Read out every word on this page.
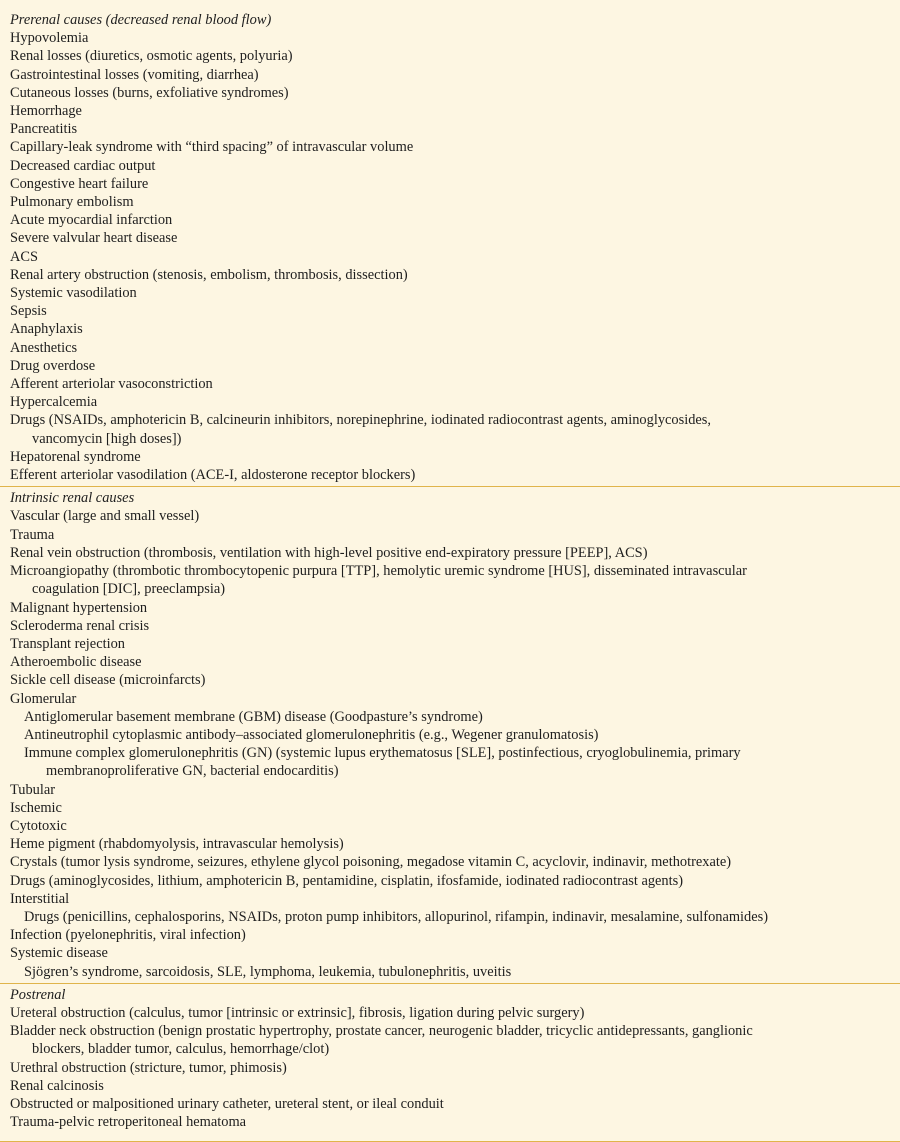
Prerenal causes (decreased renal blood flow)
Hypovolemia
Renal losses (diuretics, osmotic agents, polyuria)
Gastrointestinal losses (vomiting, diarrhea)
Cutaneous losses (burns, exfoliative syndromes)
Hemorrhage
Pancreatitis
Capillary-leak syndrome with “third spacing” of intravascular volume
Decreased cardiac output
Congestive heart failure
Pulmonary embolism
Acute myocardial infarction
Severe valvular heart disease
ACS
Renal artery obstruction (stenosis, embolism, thrombosis, dissection)
Systemic vasodilation
Sepsis
Anaphylaxis
Anesthetics
Drug overdose
Afferent arteriolar vasoconstriction
Hypercalcemia
Drugs (NSAIDs, amphotericin B, calcineurin inhibitors, norepinephrine, iodinated radiocontrast agents, aminoglycosides,
vancomycin [high doses])
Hepatorenal syndrome
Efferent arteriolar vasodilation (ACE-I, aldosterone receptor blockers)
Intrinsic renal causes
Vascular (large and small vessel)
Trauma
Renal vein obstruction (thrombosis, ventilation with high-level positive end-expiratory pressure [PEEP], ACS)
Microangiopathy (thrombotic thrombocytopenic purpura [TTP], hemolytic uremic syndrome [HUS], disseminated intravascular
coagulation [DIC], preeclampsia)
Malignant hypertension
Scleroderma renal crisis
Transplant rejection
Atheroembolic disease
Sickle cell disease (microinfarcts)
Glomerular
Antiglomerular basement membrane (GBM) disease (Goodpasture’s syndrome)
Antineutrophil cytoplasmic antibody–associated glomerulonephritis (e.g., Wegener granulomatosis)
Immune complex glomerulonephritis (GN) (systemic lupus erythematosus [SLE], postinfectious, cryoglobulinemia, primary
membranoproliferative GN, bacterial endocarditis)
Tubular
Ischemic
Cytotoxic
Heme pigment (rhabdomyolysis, intravascular hemolysis)
Crystals (tumor lysis syndrome, seizures, ethylene glycol poisoning, megadose vitamin C, acyclovir, indinavir, methotrexate)
Drugs (aminoglycosides, lithium, amphotericin B, pentamidine, cisplatin, ifosfamide, iodinated radiocontrast agents)
Interstitial
Drugs (penicillins, cephalosporins, NSAIDs, proton pump inhibitors, allopurinol, rifampin, indinavir, mesalamine, sulfonamides)
Infection (pyelonephritis, viral infection)
Systemic disease
Sjögren’s syndrome, sarcoidosis, SLE, lymphoma, leukemia, tubulonephritis, uveitis
Postrenal
Ureteral obstruction (calculus, tumor [intrinsic or extrinsic], fibrosis, ligation during pelvic surgery)
Bladder neck obstruction (benign prostatic hypertrophy, prostate cancer, neurogenic bladder, tricyclic antidepressants, ganglionic
blockers, bladder tumor, calculus, hemorrhage/clot)
Urethral obstruction (stricture, tumor, phimosis)
Renal calcinosis
Obstructed or malpositioned urinary catheter, ureteral stent, or ileal conduit
Trauma-pelvic retroperitoneal hematoma
